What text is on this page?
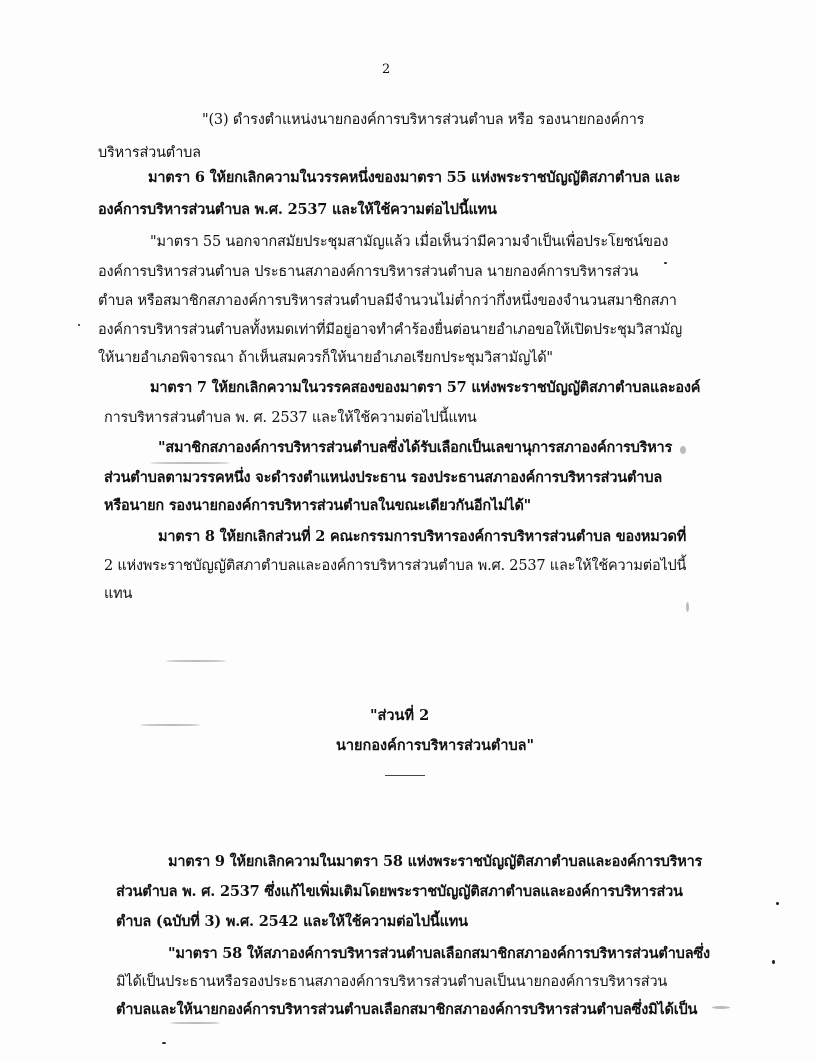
2
"(3) ดำรงตำแหน่งนายกองค์การบริหารส่วนตำบล หรือ รองนายกองค์การ
บริหารส่วนตำบล
มาตรา 6 ให้ยกเลิกความในวรรคหนึ่งของมาตรา 55 แห่งพระราชบัญญัติสภาตำบล และ
องค์การบริหารส่วนตำบล พ.ศ. 2537 และให้ใช้ความต่อไปนี้แทน
"มาตรา 55 นอกจากสมัยประชุมสามัญแล้ว เมื่อเห็นว่ามีความจำเป็นเพื่อประโยชน์ของ
องค์การบริหารส่วนตำบล ประธานสภาองค์การบริหารส่วนตำบล นายกองค์การบริหารส่วน
ตำบล หรือสมาชิกสภาองค์การบริหารส่วนตำบลมีจำนวนไม่ต่ำกว่ากึ่งหนึ่งของจำนวนสมาชิกสภา
องค์การบริหารส่วนตำบลทั้งหมดเท่าที่มีอยู่อาจทำคำร้องยื่นต่อนายอำเภอขอให้เปิดประชุมวิสามัญ
ให้นายอำเภอพิจารณา ถ้าเห็นสมควรก็ให้นายอำเภอเรียกประชุมวิสามัญได้"
มาตรา 7 ให้ยกเลิกความในวรรคสองของมาตรา 57 แห่งพระราชบัญญัติสภาตำบลและองค์
การบริหารส่วนตำบล พ. ศ. 2537 และให้ใช้ความต่อไปนี้แทน
"สมาชิกสภาองค์การบริหารส่วนตำบลซึ่งได้รับเลือกเป็นเลขานุการสภาองค์การบริหาร
ส่วนตำบลตามวรรคหนึ่ง จะดำรงตำแหน่งประธาน รองประธานสภาองค์การบริหารส่วนตำบล
หรือนายก รองนายกองค์การบริหารส่วนตำบลในขณะเดียวกันอีกไม่ได้"
มาตรา 8 ให้ยกเลิกส่วนที่ 2 คณะกรรมการบริหารองค์การบริหารส่วนตำบล ของหมวดที่
2 แห่งพระราชบัญญัติสภาตำบลและองค์การบริหารส่วนตำบล พ.ศ. 2537 และให้ใช้ความต่อไปนี้
แทน
"ส่วนที่ 2
นายกองค์การบริหารส่วนตำบล"
มาตรา 9 ให้ยกเลิกความในมาตรา 58 แห่งพระราชบัญญัติสภาตำบลและองค์การบริหาร
ส่วนตำบล พ. ศ. 2537 ซึ่งแก้ไขเพิ่มเติมโดยพระราชบัญญัติสภาตำบลและองค์การบริหารส่วน
ตำบล (ฉบับที่ 3) พ.ศ. 2542 และให้ใช้ความต่อไปนี้แทน
"มาตรา 58 ให้สภาองค์การบริหารส่วนตำบลเลือกสมาชิกสภาองค์การบริหารส่วนตำบลซึ่ง
มิได้เป็นประธานหรือรองประธานสภาองค์การบริหารส่วนตำบลเป็นนายกองค์การบริหารส่วน
ตำบลและให้นายกองค์การบริหารส่วนตำบลเลือกสมาชิกสภาองค์การบริหารส่วนตำบลซึ่งมิได้เป็น
